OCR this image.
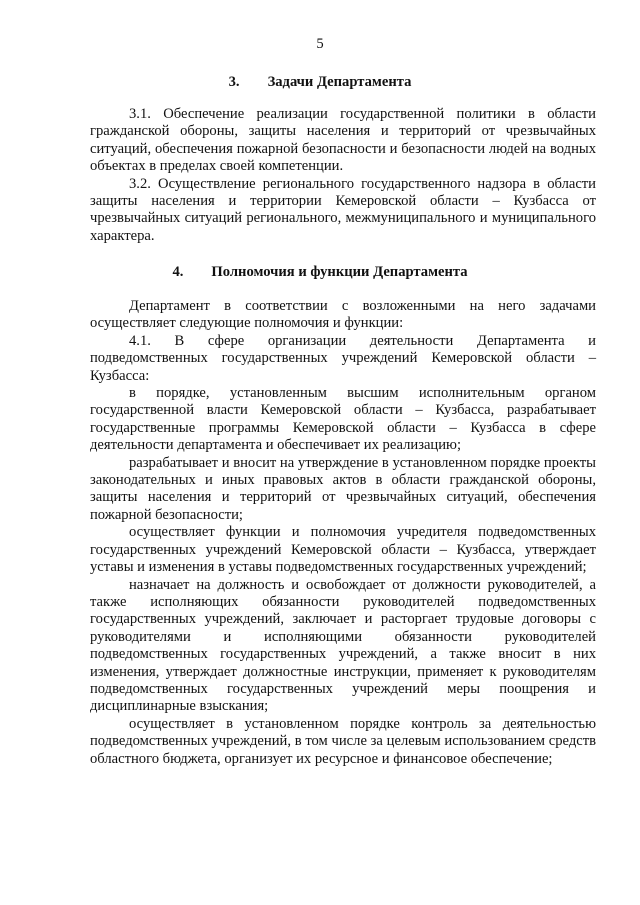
5
3. Задачи Департамента

3.1. Обеспечение реализации государственной политики в области гражданской обороны, защиты населения и территорий от чрезвычайных ситуаций, обеспечения пожарной безопасности и безопасности людей на водных объектах в пределах своей компетенции.

3.2. Осуществление регионального государственного надзора в области защиты населения и территории Кемеровской области – Кузбасса от чрезвычайных ситуаций регионального, межмуниципального и муниципального характера.

4. Полномочия и функции Департамента

Департамент в соответствии с возложенными на него задачами осуществляет следующие полномочия и функции:

4.1. В сфере организации деятельности Департамента и подведомственных государственных учреждений Кемеровской области – Кузбасса:

в порядке, установленным высшим исполнительным органом государственной власти Кемеровской области – Кузбасса, разрабатывает государственные программы Кемеровской области – Кузбасса в сфере деятельности департамента и обеспечивает их реализацию;

разрабатывает и вносит на утверждение в установленном порядке проекты законодательных и иных правовых актов в области гражданской обороны, защиты населения и территорий от чрезвычайных ситуаций, обеспечения пожарной безопасности;

осуществляет функции и полномочия учредителя подведомственных государственных учреждений Кемеровской области – Кузбасса, утверждает уставы и изменения в уставы подведомственных государственных учреждений;

назначает на должность и освобождает от должности руководителей, а также исполняющих обязанности руководителей подведомственных государственных учреждений, заключает и расторгает трудовые договоры с руководителями и исполняющими обязанности руководителей подведомственных государственных учреждений, а также вносит в них изменения, утверждает должностные инструкции, применяет к руководителям подведомственных государственных учреждений меры поощрения и дисциплинарные взыскания;

осуществляет в установленном порядке контроль за деятельностью подведомственных учреждений, в том числе за целевым использованием средств областного бюджета, организует их ресурсное и финансовое обеспечение;
